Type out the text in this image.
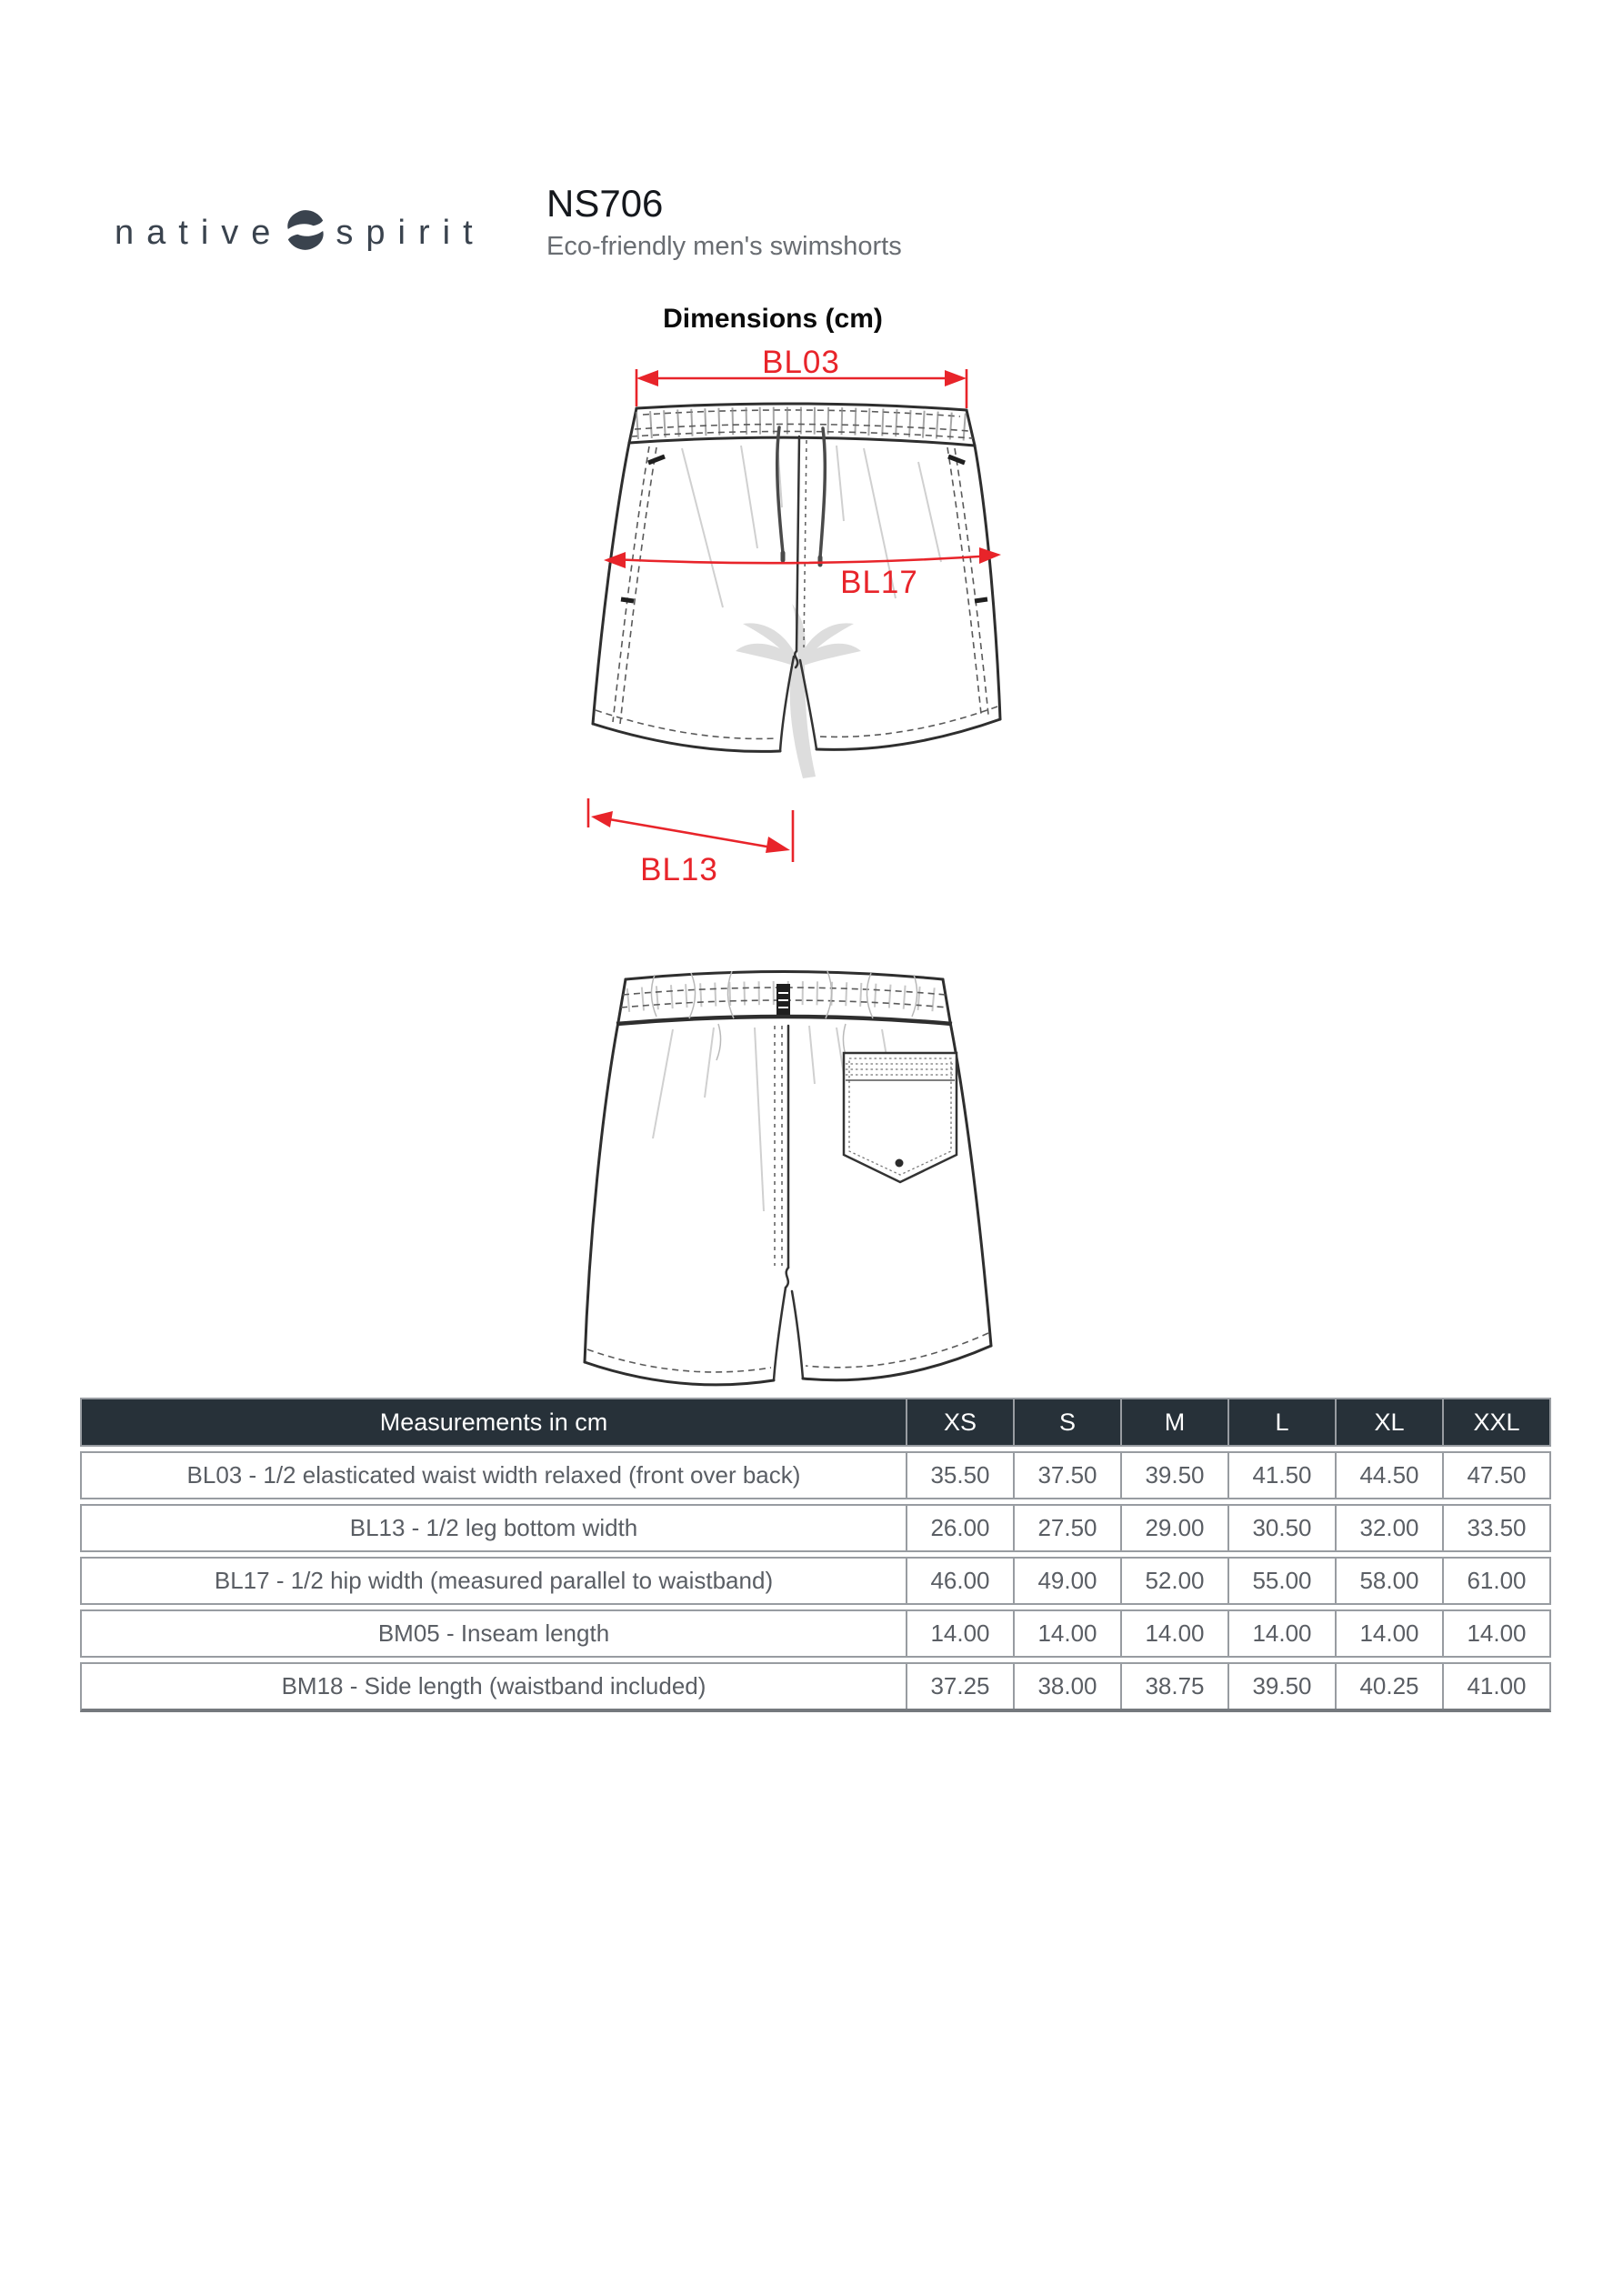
native spirit
NS706
Eco-friendly men's swimshorts
Dimensions (cm)
BL03
BL17
BL13
Measurements in cm	XS	S	M	L	XL	XXL
BL03 - 1/2 elasticated waist width relaxed (front over back)	35.50	37.50	39.50	41.50	44.50	47.50
BL13 - 1/2 leg bottom width	26.00	27.50	29.00	30.50	32.00	33.50
BL17 - 1/2 hip width (measured parallel to waistband)	46.00	49.00	52.00	55.00	58.00	61.00
BM05 - Inseam length	14.00	14.00	14.00	14.00	14.00	14.00
BM18 - Side length (waistband included)	37.25	38.00	38.75	39.50	40.25	41.00
